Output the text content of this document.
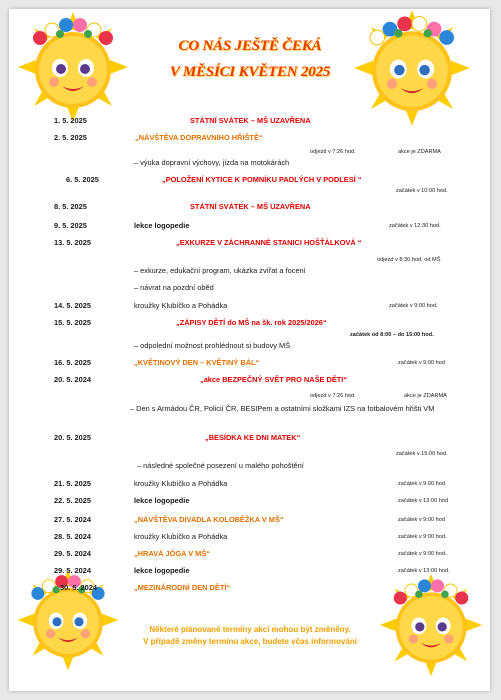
CO NÁS JEŠTĚ ČEKÁ
V MĚSÍCI KVĚTEN 2025
1. 5. 2025	STÁTNÍ SVÁTEK – MŠ UZAVŘENA
2. 5. 2025	„NÁVŠTĚVA DOPRAVNÍHO HŘIŠTĚ“
odjezd v 7:26 hod.	akce je ZDARMA
– výuka dopravní výchovy, jízda na motokárách
6. 5. 2025	„POLOŽENÍ KYTICE K POMNÍKU PADLÝCH V PODLESÍ “
začátek v 10:00 hod.
8. 5. 2025	STÁTNÍ SVÁTEK – MŠ UZAVŘENA
9. 5. 2025	lekce logopedie	začátek v 12:30 hod.
13. 5. 2025	„EXKURZE V ZÁCHRANNÉ STANICI HOŠŤÁLKOVÁ “
odjezd v 8:30 hod, od MŠ
– exkurze, edukační program, ukázka zvířat a focení
– návrat na pozdní oběd
14. 5. 2025	kroužky Klubíčko a Pohádka	začátek v 9:00 hod.
15. 5. 2025	„ZÁPISY DĚTÍ do MŠ na šk. rok 2025/2026“
začátek od 8:00 – do 15:00 hod.
– odpolední možnost prohlédnout si budovy MŠ
16. 5. 2025	„KVĚTINOVÝ DEN – KVĚTINÝ BÁL“	začátek v 9:00 hod
20. 5. 2024	„akce BEZPEČNÝ SVĚT PRO NAŠE DĚTI“
odjezd v 7:26 hod.	akce je ZDARMA
– Den s Armádou ČR, Policií ČR, BESIPem a ostatními složkami IZS na fotbalovém hřišti VM
20. 5. 2025	„BESÍDKA KE DNI MATEK“
začátek v 15:00 hod.
– následné společné posezení u malého pohoštění
21. 5. 2025	kroužky Klubíčko a Pohádka	začátek v 9:00 hod.
22. 5. 2025	lekce logopedie	začátek v 13:00 hod
27. 5. 2024	„NÁVŠTĚVA DIVADLA KOLOBĚŽKA V MŠ“	začátek v 9:00 hod
28. 5. 2024	kroužky Klubíčko a Pohádka	začátek v 9:00 hod.
29. 5. 2024	„HRAVÁ JÓGA V MŠ“	začátek v 9:00 hod.
29. 5. 2024	lekce logopedie	začátek v 13:00 hod.
30. 5. 2024	„MEZINÁRODNÍ DEN DĚTÍ“
Některé plánované termíny akcí mohou být změněny.
V případě změny termínu akce, budete včas informováni
